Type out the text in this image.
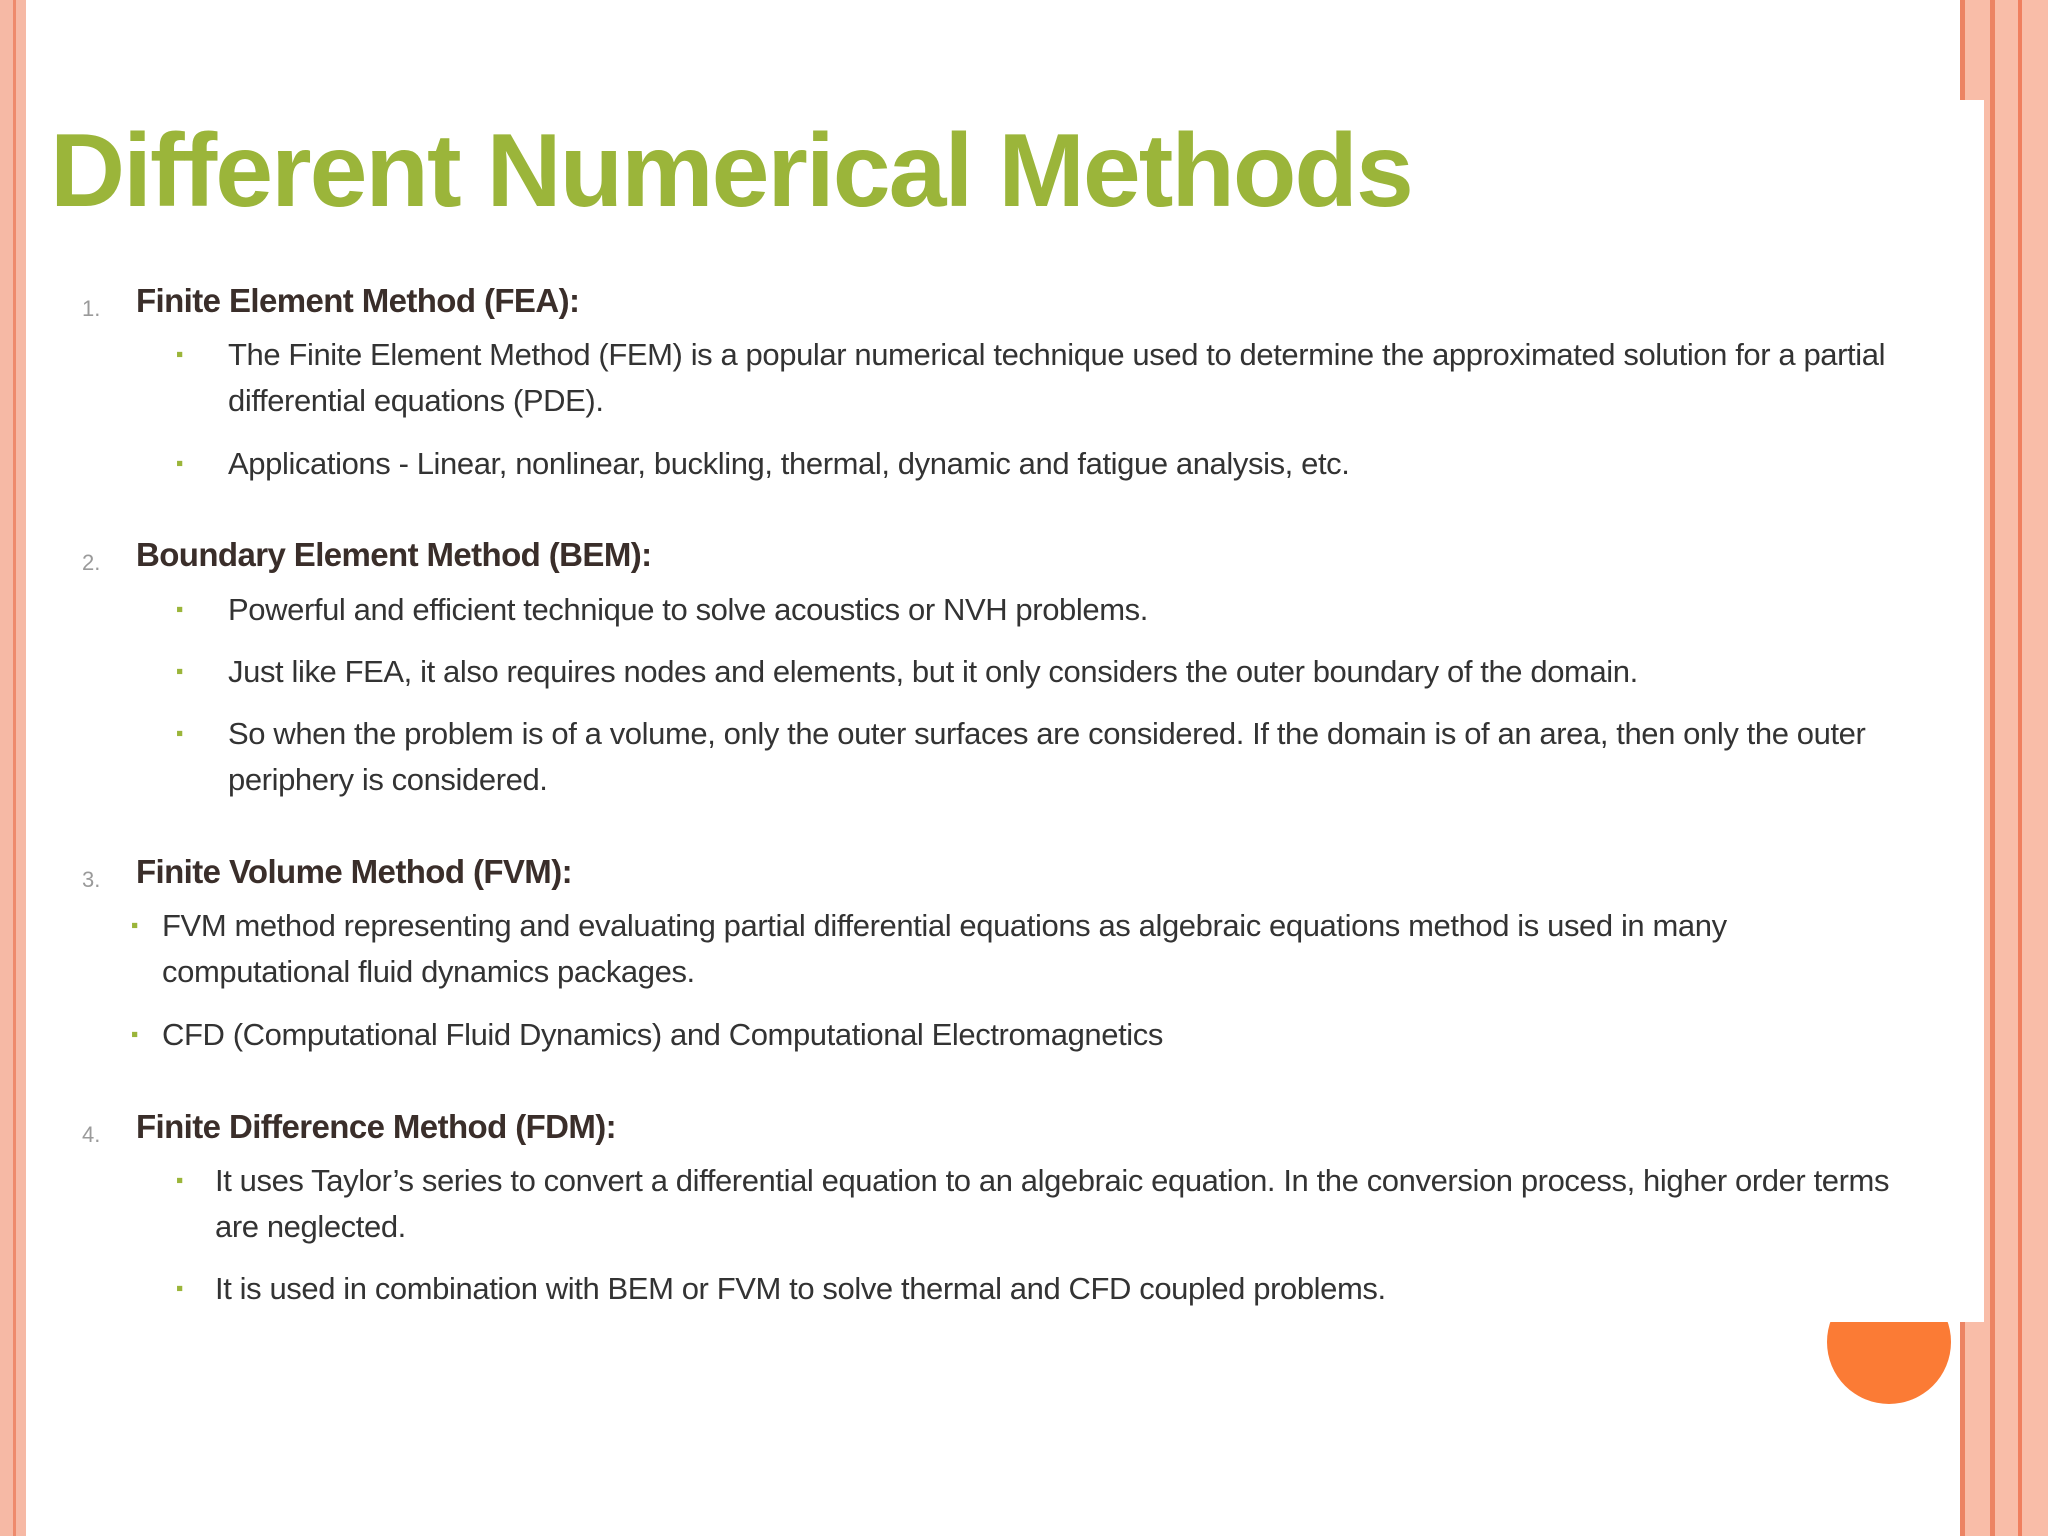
Different Numerical Methods
1. Finite Element Method (FEA):
▪ The Finite Element Method (FEM) is a popular numerical technique used to determine the approximated solution for a partial differential equations (PDE).
▪ Applications - Linear, nonlinear, buckling, thermal, dynamic and fatigue analysis, etc.
2. Boundary Element Method (BEM):
▪ Powerful and efficient technique to solve acoustics or NVH problems.
▪ Just like FEA, it also requires nodes and elements, but it only considers the outer boundary of the domain.
▪ So when the problem is of a volume, only the outer surfaces are considered. If the domain is of an area, then only the outer periphery is considered.
3. Finite Volume Method (FVM):
▪ FVM method representing and evaluating partial differential equations as algebraic equations method is used in many computational fluid dynamics packages.
▪ CFD (Computational Fluid Dynamics) and Computational Electromagnetics
4. Finite Difference Method (FDM):
▪ It uses Taylor’s series to convert a differential equation to an algebraic equation. In the conversion process, higher order terms are neglected.
▪ It is used in combination with BEM or FVM to solve thermal and CFD coupled problems.
